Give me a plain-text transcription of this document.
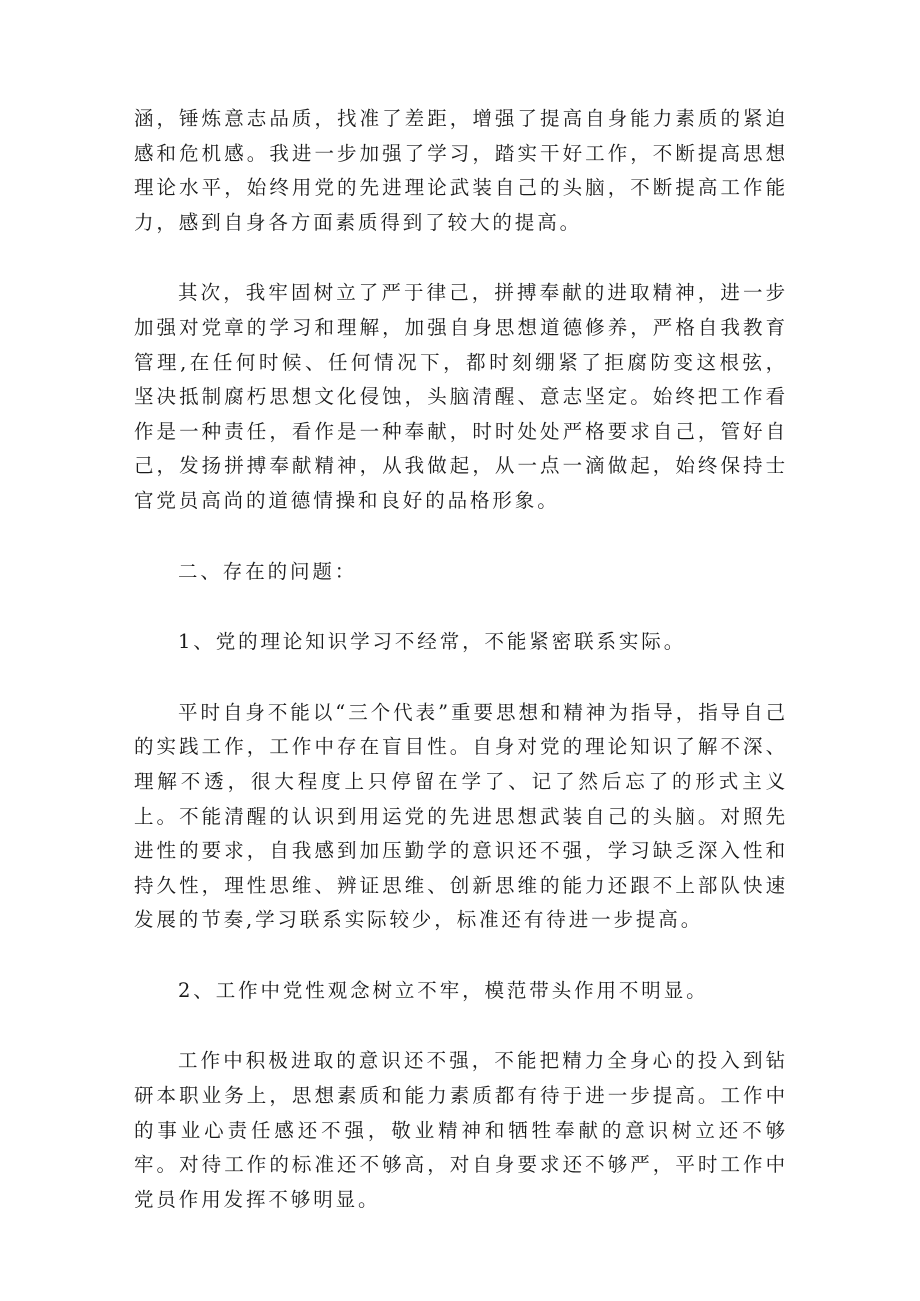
涵，锤炼意志品质，找准了差距，增强了提高自身能力素质的紧迫感和危机感。我进一步加强了学习，踏实干好工作，不断提高思想理论水平，始终用党的先进理论武装自己的头脑，不断提高工作能力，感到自身各方面素质得到了较大的提高。

其次，我牢固树立了严于律己，拼搏奉献的进取精神，进一步加强对党章的学习和理解，加强自身思想道德修养，严格自我教育管理,在任何时候、任何情况下，都时刻绷紧了拒腐防变这根弦，坚决抵制腐朽思想文化侵蚀，头脑清醒、意志坚定。始终把工作看作是一种责任，看作是一种奉献，时时处处严格要求自己，管好自己，发扬拼搏奉献精神，从我做起，从一点一滴做起，始终保持士官党员高尚的道德情操和良好的品格形象。

二、存在的问题：

1、党的理论知识学习不经常，不能紧密联系实际。

平时自身不能以“三个代表”重要思想和精神为指导，指导自己的实践工作，工作中存在盲目性。自身对党的理论知识了解不深、理解不透，很大程度上只停留在学了、记了然后忘了的形式主义上。不能清醒的认识到用运党的先进思想武装自己的头脑。对照先进性的要求，自我感到加压勤学的意识还不强，学习缺乏深入性和持久性，理性思维、辨证思维、创新思维的能力还跟不上部队快速发展的节奏,学习联系实际较少，标准还有待进一步提高。

2、工作中党性观念树立不牢，模范带头作用不明显。

工作中积极进取的意识还不强，不能把精力全身心的投入到钻研本职业务上，思想素质和能力素质都有待于进一步提高。工作中的事业心责任感还不强，敬业精神和牺牲奉献的意识树立还不够牢。对待工作的标准还不够高，对自身要求还不够严，平时工作中党员作用发挥不够明显。
